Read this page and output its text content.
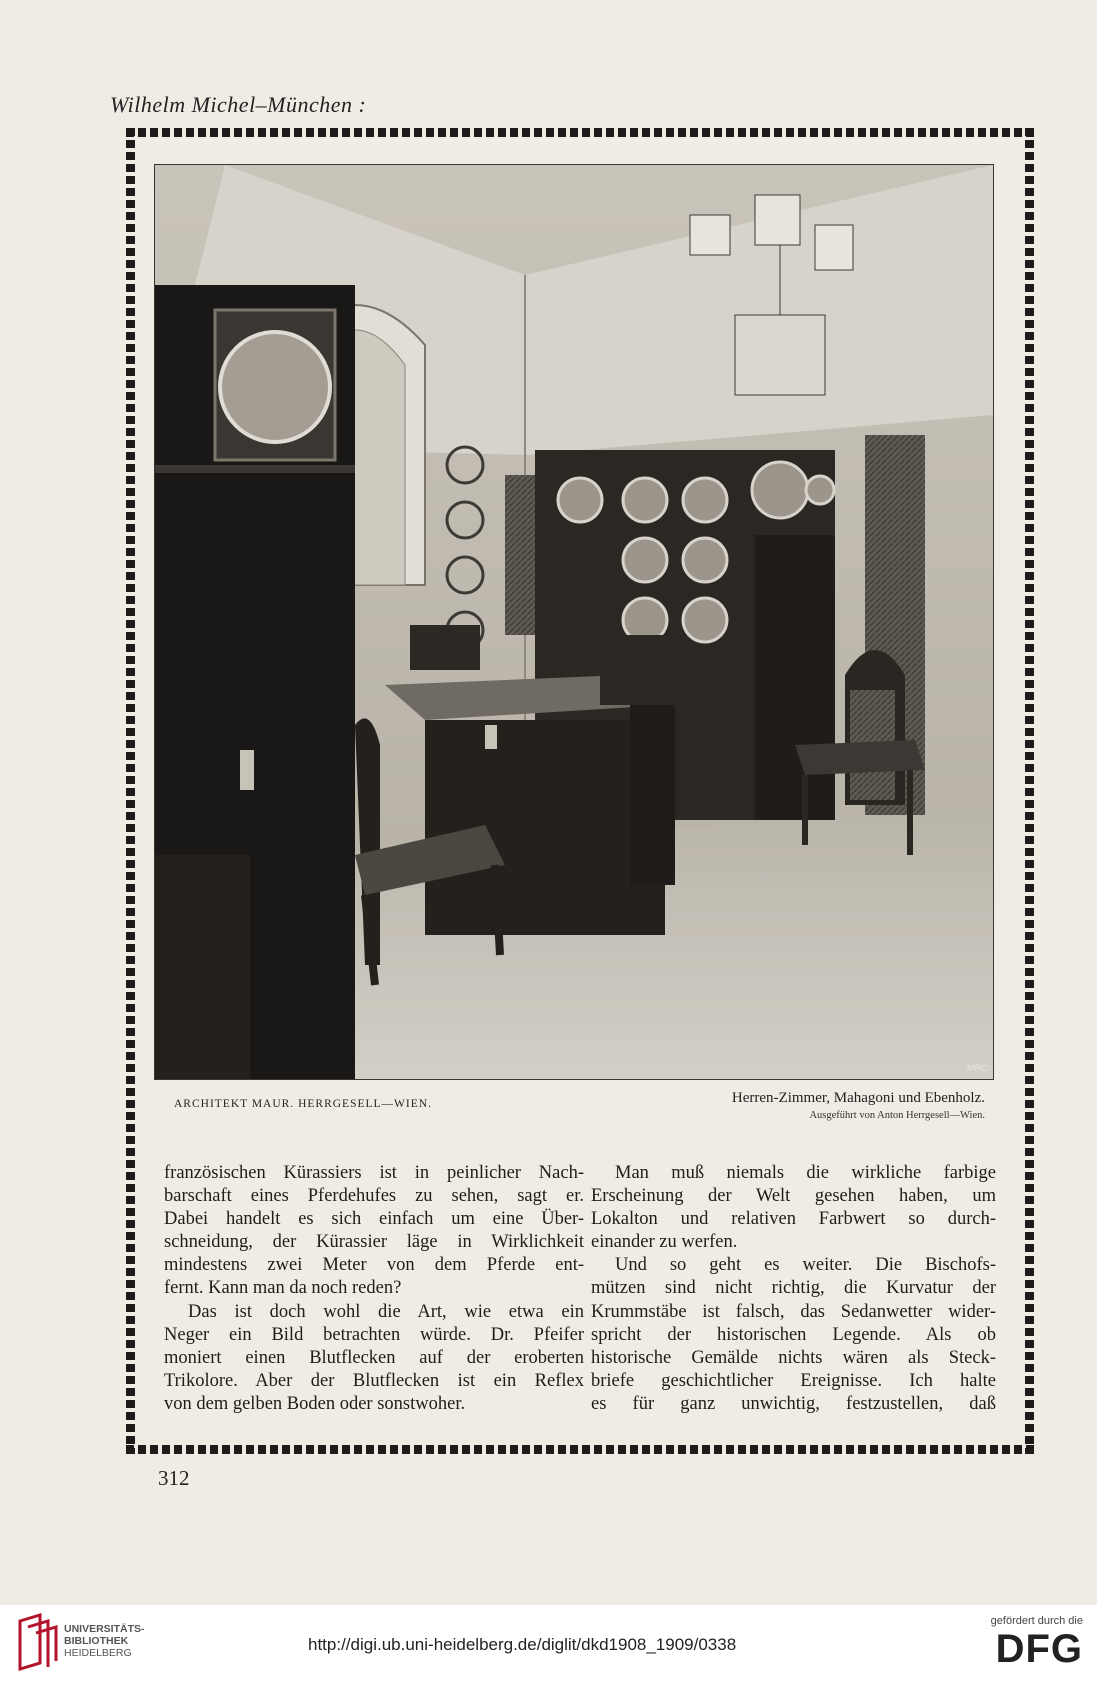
Wilhelm Michel–München :
MRC
ARCHITEKT MAUR. HERRGESELL—WIEN.	Herren-Zimmer, Mahagoni und Ebenholz.
Ausgeführt von Anton Herrgesell—Wien.

französischen Kürassiers ist in peinlicher Nach-

barschaft eines Pferdehufes zu sehen, sagt er.

Dabei handelt es sich einfach um eine Über-

schneidung, der Kürassier läge in Wirklichkeit

mindestens zwei Meter von dem Pferde ent-

fernt. Kann man da noch reden?

Das ist doch wohl die Art, wie etwa ein

Neger ein Bild betrachten würde. Dr. Pfeifer

moniert einen Blutflecken auf der eroberten

Trikolore. Aber der Blutflecken ist ein Reflex

von dem gelben Boden oder sonstwoher.

Man muß niemals die wirkliche farbige

Erscheinung der Welt gesehen haben, um

Lokalton und relativen Farbwert so durch-

einander zu werfen.

Und so geht es weiter. Die Bischofs-

mützen sind nicht richtig, die Kurvatur der

Krummstäbe ist falsch, das Sedanwetter wider-

spricht der historischen Legende. Als ob

historische Gemälde nichts wären als Steck-

briefe geschichtlicher Ereignisse. Ich halte

es für ganz unwichtig, festzustellen, daß

312
UNIVERSITÄTS-
BIBLIOTHEK
HEIDELBERG	http://digi.ub.uni-heidelberg.de/diglit/dkd1908_1909/0338
gefördert durch die
DFG
